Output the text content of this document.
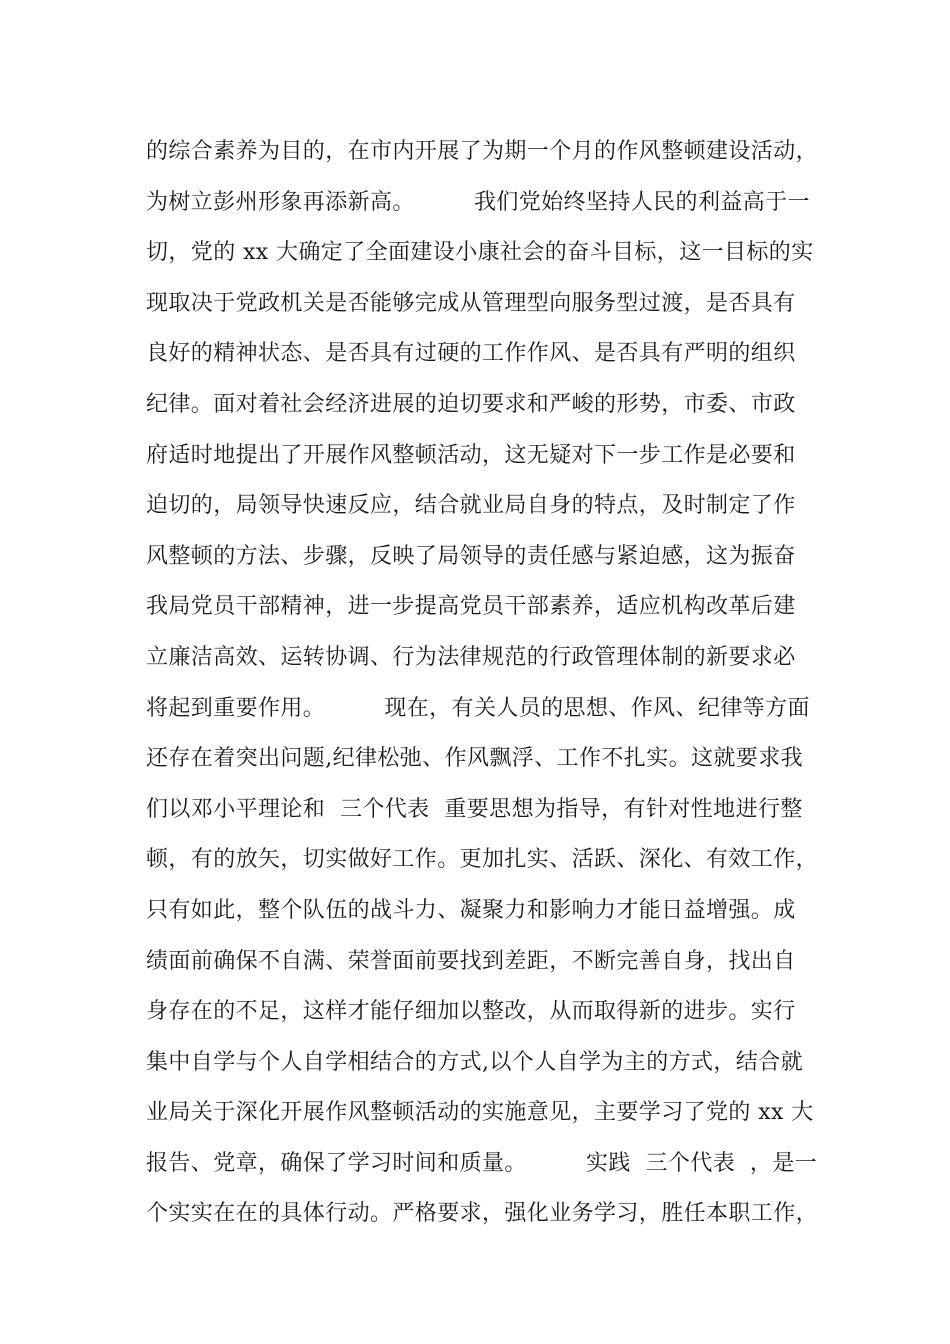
的综合素养为目的，在市内开展了为期一个月的作风整顿建设活动，
为树立彭州形象再添新高。        我们党始终坚持人民的利益高于一
切，党的 xx 大确定了全面建设小康社会的奋斗目标，这一目标的实
现取决于党政机关是否能够完成从管理型向服务型过渡，是否具有
良好的精神状态、是否具有过硬的工作作风、是否具有严明的组织
纪律。面对着社会经济进展的迫切要求和严峻的形势，市委、市政
府适时地提出了开展作风整顿活动，这无疑对下一步工作是必要和
迫切的，局领导快速反应，结合就业局自身的特点，及时制定了作
风整顿的方法、步骤，反映了局领导的责任感与紧迫感，这为振奋
我局党员干部精神，进一步提高党员干部素养，适应机构改革后建
立廉洁高效、运转协调、行为法律规范的行政管理体制的新要求必
将起到重要作用。        现在，有关人员的思想、作风、纪律等方面
还存在着突出问题,纪律松弛、作风飘浮、工作不扎实。这就要求我
们以邓小平理论和  三个代表  重要思想为指导，有针对性地进行整
顿，有的放矢，切实做好工作。更加扎实、活跃、深化、有效工作，
只有如此，整个队伍的战斗力、凝聚力和影响力才能日益增强。成
绩面前确保不自满、荣誉面前要找到差距，不断完善自身，找出自
身存在的不足，这样才能仔细加以整改，从而取得新的进步。实行
集中自学与个人自学相结合的方式,以个人自学为主的方式，结合就
业局关于深化开展作风整顿活动的实施意见，主要学习了党的 xx 大
报告、党章，确保了学习时间和质量。        实践  三个代表  ，是一
个实实在在的具体行动。严格要求，强化业务学习，胜任本职工作，
